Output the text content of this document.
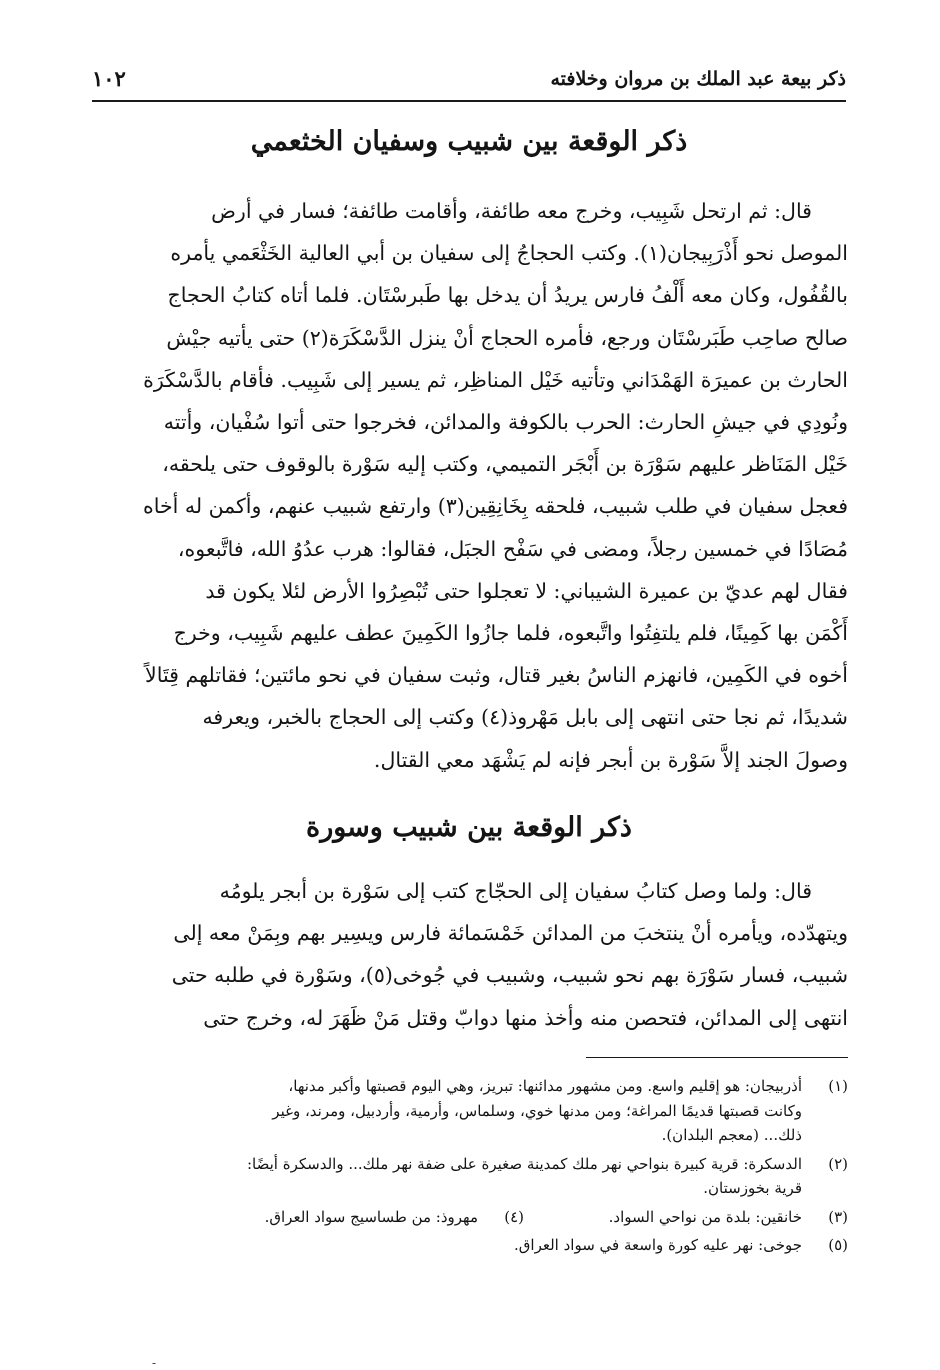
ذكر بيعة عبد الملك بن مروان وخلافته
١٠٢
ذكر الوقعة بين شبيب وسفيان الخثعمي

قال: ثم ارتحل شَبِيب، وخرج معه طائفة، وأقامت طائفة؛ فسار في أرض
الموصل نحو أَذْرَبِيجان(١). وكتب الحجاجُ إلى سفيان بن أبي العالية الخَثْعَمي يأمره
بالقُفُول، وكان معه أَلْفُ فارس يريدُ أن يدخل بها طَبرسْتَان. فلما أتاه كتابُ الحجاج
صالح صاحِب طَبَرسْتَان ورجع، فأمره الحجاج أنْ ينزل الدَّسْكَرَة(٢) حتى يأتيه جيْش
الحارث بن عميرَة الهَمْدَاني وتأتيه خَيْل المناظِر، ثم يسير إلى شَبِيب. فأقام بالدَّسْكَرَة
ونُودِي في جيشِ الحارث: الحرب بالكوفة والمدائن، فخرجوا حتى أتوا سُفْيان، وأتته
خَيْل المَنَاظر عليهم سَوْرَة بن أَبْجَر التميمي، وكتب إليه سَوْرة بالوقوف حتى يلحقه،
فعجل سفيان في طلب شبيب، فلحقه بِخَانِقِين(٣) وارتفع شبيب عنهم، وأكمن له أخاه
مُصَادًا في خمسين رجلاً، ومضى في سَفْح الجبَل، فقالوا: هرب عدُوُ الله، فاتَّبعوه،
فقال لهم عديّ بن عميرة الشيباني: لا تعجلوا حتى تُبْصِرُوا الأرض لئلا يكون قد
أَكْمَن بها كَمِينًا، فلم يلتفِتُوا واتَّبعوه، فلما جازُوا الكَمِينَ عطف عليهم شَبِيب، وخرج
أخوه في الكَمِين، فانهزم الناسُ بغير قتال، وثبت سفيان في نحو مائتين؛ فقاتلهم قِتَالاً
شديدًا، ثم نجا حتى انتهى إلى بابل مَهْروذ(٤) وكتب إلى الحجاج بالخبر، ويعرفه
وصولَ الجند إلاَّ سَوْرة بن أبجر فإنه لم يَشْهَد معي القتال.

ذكر الوقعة بين شبيب وسورة

قال: ولما وصل كتابُ سفيان إلى الحجّاج كتب إلى سَوْرة بن أبجر يلومُه
ويتهدّده، ويأمره أنْ ينتخبَ من المدائن خَمْسَمائة فارس ويسِير بهم وبِمَنْ معه إلى
شبيب، فسار سَوْرَة بهم نحو شبيب، وشبيب في جُوخى(٥)، وسَوْرة في طلبه حتى
انتهى إلى المدائن، فتحصن منه وأخذ منها دوابّ وقتل مَنْ ظَهَرَ له، وخرج حتى

(١)
أذربيجان: هو إقليم واسع. ومن مشهور مدائنها: تبريز، وهي اليوم قصبتها وأكبر مدنها،
وكانت قصبتها قديمًا المراغة؛ ومن مدنها خوي، وسلماس، وأرمية، وأردبيل، ومرند، وغير
ذلك... (معجم البلدان).
(٢)
الدسكرة: قرية كبيرة بنواحي نهر ملك كمدينة صغيرة على ضفة نهر ملك... والدسكرة أيضًا:
قرية بخوزستان.
(٣)
خانقين: بلدة من نواحي السواد.
(٤)
مهروذ: من طساسيج سواد العراق.
(٥)
جوخى: نهر عليه كورة واسعة في سواد العراق.
-
